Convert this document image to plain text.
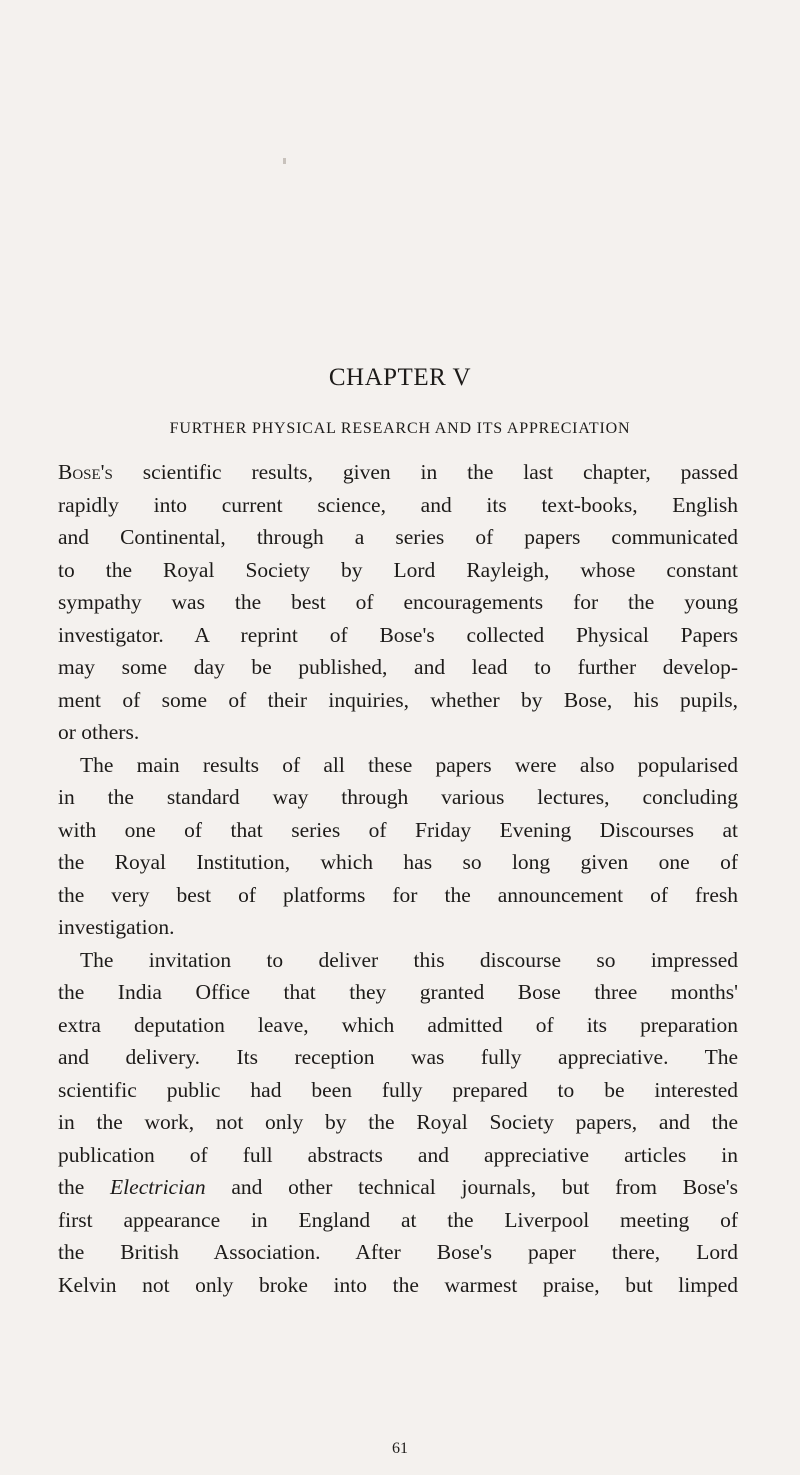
CHAPTER V
FURTHER PHYSICAL RESEARCH AND ITS APPRECIATION
Bose's scientific results, given in the last chapter, passed
rapidly into current science, and its text-books, English
and Continental, through a series of papers communicated
to the Royal Society by Lord Rayleigh, whose constant
sympathy was the best of encouragements for the young
investigator. A reprint of Bose's collected Physical Papers
may some day be published, and lead to further develop-
ment of some of their inquiries, whether by Bose, his pupils,
or others.
The main results of all these papers were also popularised
in the standard way through various lectures, concluding
with one of that series of Friday Evening Discourses at
the Royal Institution, which has so long given one of
the very best of platforms for the announcement of fresh
investigation.
The invitation to deliver this discourse so impressed
the India Office that they granted Bose three months'
extra deputation leave, which admitted of its preparation
and delivery. Its reception was fully appreciative. The
scientific public had been fully prepared to be interested
in the work, not only by the Royal Society papers, and the
publication of full abstracts and appreciative articles in
the Electrician and other technical journals, but from Bose's
first appearance in England at the Liverpool meeting of
the British Association. After Bose's paper there, Lord
Kelvin not only broke into the warmest praise, but limped
61
